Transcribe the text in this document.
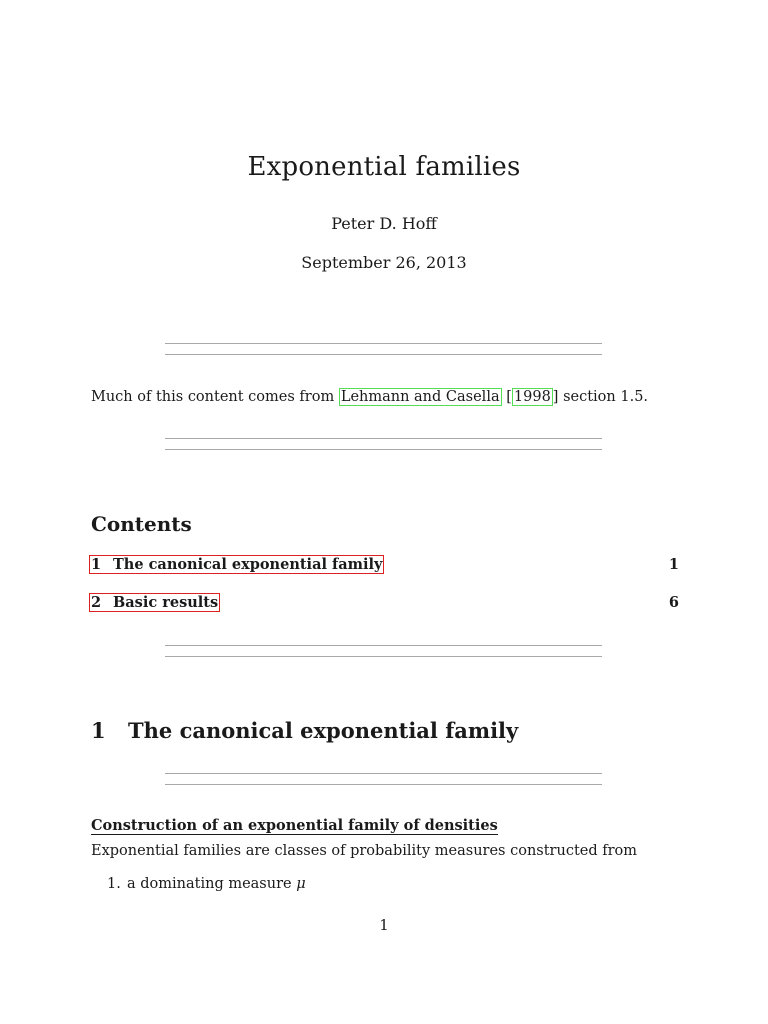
Exponential families
Peter D. Hoff
September 26, 2013
Much of this content comes from Lehmann and Casella [ 1998 ] section 1.5.
Contents
1 The canonical exponential family	1
2 Basic results	6
1 The canonical exponential family
Construction of an exponential family of densities
Exponential families are classes of probability measures constructed from
1. a dominating measure μ
1
